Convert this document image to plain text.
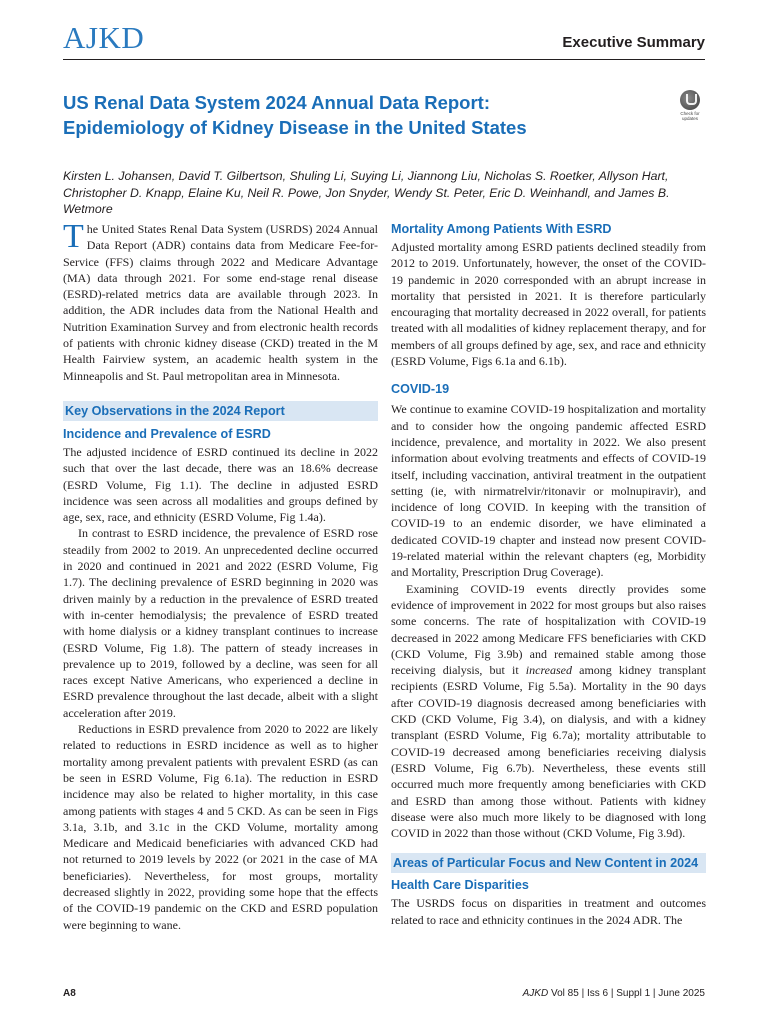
AJKD	Executive Summary
US Renal Data System 2024 Annual Data Report: Epidemiology of Kidney Disease in the United States
Check for updates
Kirsten L. Johansen, David T. Gilbertson, Shuling Li, Suying Li, Jiannong Liu, Nicholas S. Roetker, Allyson Hart, Christopher D. Knapp, Elaine Ku, Neil R. Powe, Jon Snyder, Wendy St. Peter, Eric D. Weinhandl, and James B. Wetmore

The United States Renal Data System (USRDS) 2024 Annual Data Report (ADR) contains data from Medicare Fee-for-Service (FFS) claims through 2022 and Medicare Advantage (MA) data through 2021. For some end-stage renal disease (ESRD)-related metrics data are available through 2023. In addition, the ADR includes data from the National Health and Nutrition Examination Survey and from electronic health records of patients with chronic kidney disease (CKD) treated in the M Health Fairview system, an academic health system in the Minneapolis and St. Paul metropolitan area in Minnesota.

Key Observations in the 2024 Report
Incidence and Prevalence of ESRD

The adjusted incidence of ESRD continued its decline in 2022 such that over the last decade, there was an 18.6% decrease (ESRD Volume, Fig 1.1). The decline in adjusted ESRD incidence was seen across all modalities and groups defined by age, sex, race, and ethnicity (ESRD Volume, Fig 1.4a).

In contrast to ESRD incidence, the prevalence of ESRD rose steadily from 2002 to 2019. An unprecedented decline occurred in 2020 and continued in 2021 and 2022 (ESRD Volume, Fig 1.7). The declining prevalence of ESRD beginning in 2020 was driven mainly by a reduction in the prevalence of ESRD treated with in-center hemodialysis; the prevalence of ESRD treated with home dialysis or a kidney transplant continues to increase (ESRD Volume, Fig 1.8). The pattern of steady increases in prevalence up to 2019, followed by a decline, was seen for all races except Native Americans, who experienced a decline in ESRD prevalence throughout the last decade, albeit with a slight acceleration after 2019.

Reductions in ESRD prevalence from 2020 to 2022 are likely related to reductions in ESRD incidence as well as to higher mortality among prevalent patients with prevalent ESRD (as can be seen in ESRD Volume, Fig 6.1a). The reduction in ESRD incidence may also be related to higher mortality, in this case among patients with stages 4 and 5 CKD. As can be seen in Figs 3.1a, 3.1b, and 3.1c in the CKD Volume, mortality among Medicare and Medicaid beneficiaries with advanced CKD had not returned to 2019 levels by 2022 (or 2021 in the case of MA beneficiaries). Nevertheless, for most groups, mortality decreased slightly in 2022, providing some hope that the effects of the COVID-19 pandemic on the CKD and ESRD population were beginning to wane.

Mortality Among Patients With ESRD

Adjusted mortality among ESRD patients declined steadily from 2012 to 2019. Unfortunately, however, the onset of the COVID-19 pandemic in 2020 corresponded with an abrupt increase in mortality that persisted in 2021. It is therefore particularly encouraging that mortality decreased in 2022 overall, for patients treated with all modalities of kidney replacement therapy, and for members of all groups defined by age, sex, and race and ethnicity (ESRD Volume, Figs 6.1a and 6.1b).

COVID-19

We continue to examine COVID-19 hospitalization and mortality and to consider how the ongoing pandemic affected ESRD incidence, prevalence, and mortality in 2022. We also present information about evolving treatments and effects of COVID-19 itself, including vaccination, antiviral treatment in the outpatient setting (ie, with nirmatrelvir/ritonavir or molnupiravir), and incidence of long COVID. In keeping with the transition of COVID-19 to an endemic disorder, we have eliminated a dedicated COVID-19 chapter and instead now present COVID-19-related material within the relevant chapters (eg, Morbidity and Mortality, Prescription Drug Coverage).

Examining COVID-19 events directly provides some evidence of improvement in 2022 for most groups but also raises some concerns. The rate of hospitalization with COVID-19 decreased in 2022 among Medicare FFS beneficiaries with CKD (CKD Volume, Fig 3.9b) and remained stable among those receiving dialysis, but it increased among kidney transplant recipients (ESRD Volume, Fig 5.5a). Mortality in the 90 days after COVID-19 diagnosis decreased among beneficiaries with CKD (CKD Volume, Fig 3.4), on dialysis, and with a kidney transplant (ESRD Volume, Fig 6.7a); mortality attributable to COVID-19 decreased among beneficiaries receiving dialysis (ESRD Volume, Fig 6.7b). Nevertheless, these events still occurred much more frequently among beneficiaries with CKD and ESRD than among those without. Patients with kidney disease were also much more likely to be diagnosed with long COVID in 2022 than those without (CKD Volume, Fig 3.9d).

Areas of Particular Focus and New Content in 2024
Health Care Disparities

The USRDS focus on disparities in treatment and outcomes related to race and ethnicity continues in the 2024 ADR. The

A8	AJKD Vol 85 | Iss 6 | Suppl 1 | June 2025
